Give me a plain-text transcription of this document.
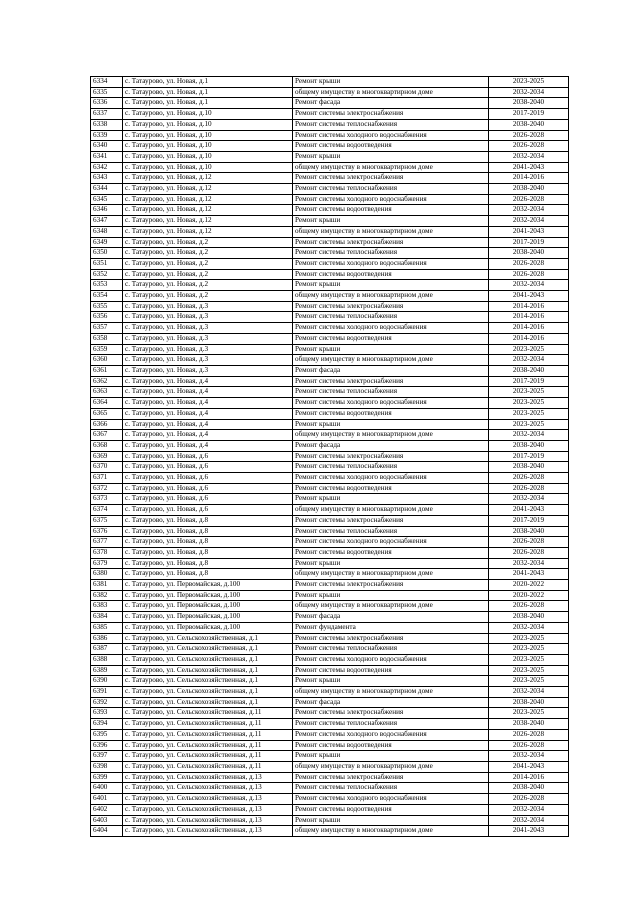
6334	с. Татаурово, ул. Новая, д.1	Ремонт крыши	2023-2025
6335	с. Татаурово, ул. Новая, д.1	общему имуществу в многоквартирном доме	2032-2034
6336	с. Татаурово, ул. Новая, д.1	Ремонт фасада	2038-2040
6337	с. Татаурово, ул. Новая, д.10	Ремонт системы электроснабжения	2017-2019
6338	с. Татаурово, ул. Новая, д.10	Ремонт системы теплоснабжения	2038-2040
6339	с. Татаурово, ул. Новая, д.10	Ремонт системы холодного водоснабжения	2026-2028
6340	с. Татаурово, ул. Новая, д.10	Ремонт системы водоотведения	2026-2028
6341	с. Татаурово, ул. Новая, д.10	Ремонт крыши	2032-2034
6342	с. Татаурово, ул. Новая, д.10	общему имуществу в многоквартирном доме	2041-2043
6343	с. Татаурово, ул. Новая, д.12	Ремонт системы электроснабжения	2014-2016
6344	с. Татаурово, ул. Новая, д.12	Ремонт системы теплоснабжения	2038-2040
6345	с. Татаурово, ул. Новая, д.12	Ремонт системы холодного водоснабжения	2026-2028
6346	с. Татаурово, ул. Новая, д.12	Ремонт системы водоотведения	2032-2034
6347	с. Татаурово, ул. Новая, д.12	Ремонт крыши	2032-2034
6348	с. Татаурово, ул. Новая, д.12	общему имуществу в многоквартирном доме	2041-2043
6349	с. Татаурово, ул. Новая, д.2	Ремонт системы электроснабжения	2017-2019
6350	с. Татаурово, ул. Новая, д.2	Ремонт системы теплоснабжения	2038-2040
6351	с. Татаурово, ул. Новая, д.2	Ремонт системы холодного водоснабжения	2026-2028
6352	с. Татаурово, ул. Новая, д.2	Ремонт системы водоотведения	2026-2028
6353	с. Татаурово, ул. Новая, д.2	Ремонт крыши	2032-2034
6354	с. Татаурово, ул. Новая, д.2	общему имуществу в многоквартирном доме	2041-2043
6355	с. Татаурово, ул. Новая, д.3	Ремонт системы электроснабжения	2014-2016
6356	с. Татаурово, ул. Новая, д.3	Ремонт системы теплоснабжения	2014-2016
6357	с. Татаурово, ул. Новая, д.3	Ремонт системы холодного водоснабжения	2014-2016
6358	с. Татаурово, ул. Новая, д.3	Ремонт системы водоотведения	2014-2016
6359	с. Татаурово, ул. Новая, д.3	Ремонт крыши	2023-2025
6360	с. Татаурово, ул. Новая, д.3	общему имуществу в многоквартирном доме	2032-2034
6361	с. Татаурово, ул. Новая, д.3	Ремонт фасада	2038-2040
6362	с. Татаурово, ул. Новая, д.4	Ремонт системы электроснабжения	2017-2019
6363	с. Татаурово, ул. Новая, д.4	Ремонт системы теплоснабжения	2023-2025
6364	с. Татаурово, ул. Новая, д.4	Ремонт системы холодного водоснабжения	2023-2025
6365	с. Татаурово, ул. Новая, д.4	Ремонт системы водоотведения	2023-2025
6366	с. Татаурово, ул. Новая, д.4	Ремонт крыши	2023-2025
6367	с. Татаурово, ул. Новая, д.4	общему имуществу в многоквартирном доме	2032-2034
6368	с. Татаурово, ул. Новая, д.4	Ремонт фасада	2038-2040
6369	с. Татаурово, ул. Новая, д.6	Ремонт системы электроснабжения	2017-2019
6370	с. Татаурово, ул. Новая, д.6	Ремонт системы теплоснабжения	2038-2040
6371	с. Татаурово, ул. Новая, д.6	Ремонт системы холодного водоснабжения	2026-2028
6372	с. Татаурово, ул. Новая, д.6	Ремонт системы водоотведения	2026-2028
6373	с. Татаурово, ул. Новая, д.6	Ремонт крыши	2032-2034
6374	с. Татаурово, ул. Новая, д.6	общему имуществу в многоквартирном доме	2041-2043
6375	с. Татаурово, ул. Новая, д.8	Ремонт системы электроснабжения	2017-2019
6376	с. Татаурово, ул. Новая, д.8	Ремонт системы теплоснабжения	2038-2040
6377	с. Татаурово, ул. Новая, д.8	Ремонт системы холодного водоснабжения	2026-2028
6378	с. Татаурово, ул. Новая, д.8	Ремонт системы водоотведения	2026-2028
6379	с. Татаурово, ул. Новая, д.8	Ремонт крыши	2032-2034
6380	с. Татаурово, ул. Новая, д.8	общему имуществу в многоквартирном доме	2041-2043
6381	с. Татаурово, ул. Первомайская, д.100	Ремонт системы электроснабжения	2020-2022
6382	с. Татаурово, ул. Первомайская, д.100	Ремонт крыши	2020-2022
6383	с. Татаурово, ул. Первомайская, д.100	общему имуществу в многоквартирном доме	2026-2028
6384	с. Татаурово, ул. Первомайская, д.100	Ремонт фасада	2038-2040
6385	с. Татаурово, ул. Первомайская, д.100	Ремонт фундамента	2032-2034
6386	с. Татаурово, ул. Сельскохозяйственная, д.1	Ремонт системы электроснабжения	2023-2025
6387	с. Татаурово, ул. Сельскохозяйственная, д.1	Ремонт системы теплоснабжения	2023-2025
6388	с. Татаурово, ул. Сельскохозяйственная, д.1	Ремонт системы холодного водоснабжения	2023-2025
6389	с. Татаурово, ул. Сельскохозяйственная, д.1	Ремонт системы водоотведения	2023-2025
6390	с. Татаурово, ул. Сельскохозяйственная, д.1	Ремонт крыши	2023-2025
6391	с. Татаурово, ул. Сельскохозяйственная, д.1	общему имуществу в многоквартирном доме	2032-2034
6392	с. Татаурово, ул. Сельскохозяйственная, д.1	Ремонт фасада	2038-2040
6393	с. Татаурово, ул. Сельскохозяйственная, д.11	Ремонт системы электроснабжения	2023-2025
6394	с. Татаурово, ул. Сельскохозяйственная, д.11	Ремонт системы теплоснабжения	2038-2040
6395	с. Татаурово, ул. Сельскохозяйственная, д.11	Ремонт системы холодного водоснабжения	2026-2028
6396	с. Татаурово, ул. Сельскохозяйственная, д.11	Ремонт системы водоотведения	2026-2028
6397	с. Татаурово, ул. Сельскохозяйственная, д.11	Ремонт крыши	2032-2034
6398	с. Татаурово, ул. Сельскохозяйственная, д.11	общему имуществу в многоквартирном доме	2041-2043
6399	с. Татаурово, ул. Сельскохозяйственная, д.13	Ремонт системы электроснабжения	2014-2016
6400	с. Татаурово, ул. Сельскохозяйственная, д.13	Ремонт системы теплоснабжения	2038-2040
6401	с. Татаурово, ул. Сельскохозяйственная, д.13	Ремонт системы холодного водоснабжения	2026-2028
6402	с. Татаурово, ул. Сельскохозяйственная, д.13	Ремонт системы водоотведения	2032-2034
6403	с. Татаурово, ул. Сельскохозяйственная, д.13	Ремонт крыши	2032-2034
6404	с. Татаурово, ул. Сельскохозяйственная, д.13	общему имуществу в многоквартирном доме	2041-2043
